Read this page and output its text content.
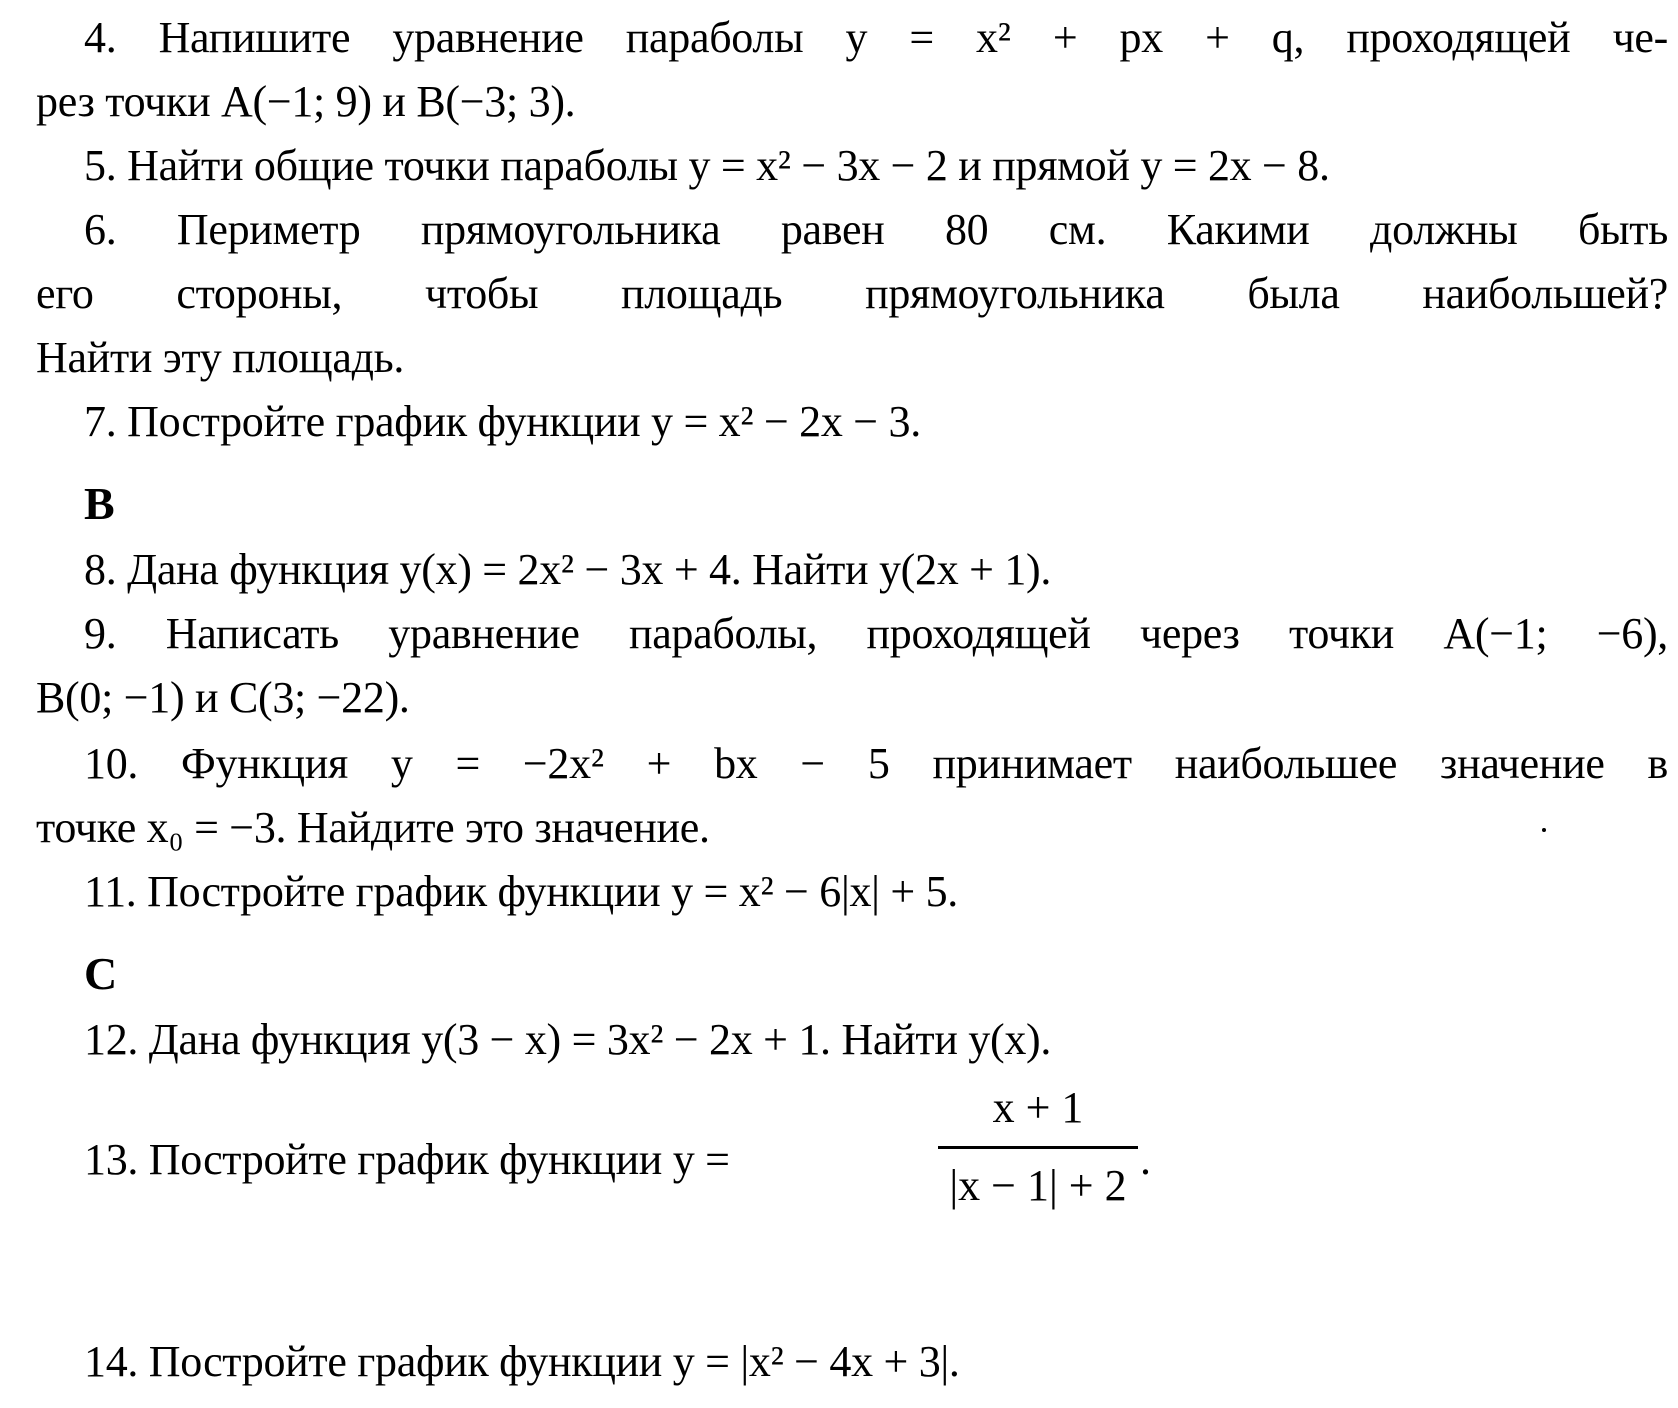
4. Напишите уравнение параболы y = x² + px + q, проходящей че-
рез точки A(−1; 9) и B(−3; 3).
5. Найти общие точки параболы y = x² − 3x − 2 и прямой y = 2x − 8.
6. Периметр прямоугольника равен 80 см. Какими должны быть
его стороны, чтобы площадь прямоугольника была наибольшей?
Найти эту площадь.
7. Постройте график функции y = x² − 2x − 3.
B
8. Дана функция y(x) = 2x² − 3x + 4. Найти y(2x + 1).
9. Написать уравнение параболы, проходящей через точки A(−1; −6),
B(0; −1) и C(3; −22).
10. Функция y = −2x² + bx − 5 принимает наибольшее значение в
точке x₀ = −3. Найдите это значение.
11. Постройте график функции y = x² − 6|x| + 5.
C
12. Дана функция y(3 − x) = 3x² − 2x + 1. Найти y(x).
13. Постройте график функции y =
x + 1
|x − 1| + 2
.
14. Постройте график функции y = |x² − 4x + 3|.
